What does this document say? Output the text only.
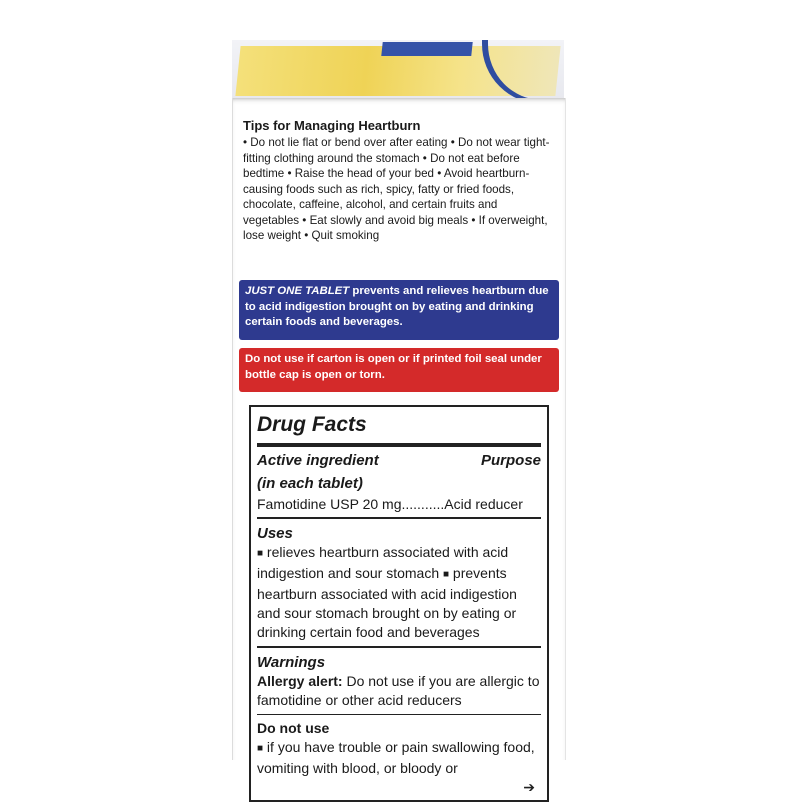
Tips for Managing Heartburn
• Do not lie flat or bend over after eating • Do not wear tight-fitting clothing around the stomach • Do not eat before bedtime • Raise the head of your bed • Avoid heartburn-causing foods such as rich, spicy, fatty or fried foods, chocolate, caffeine, alcohol, and certain fruits and vegetables • Eat slowly and avoid big meals • If overweight, lose weight • Quit smoking
JUST ONE TABLET prevents and relieves heartburn due to acid indigestion brought on by eating and drinking certain foods and beverages.
Do not use if carton is open or if printed foil seal under bottle cap is open or torn.
Drug Facts
Active ingredient	Purpose
(in each tablet)
Famotidine USP 20 mg...........Acid reducer
Uses
■ relieves heartburn associated with acid indigestion and sour stomach ■ prevents heartburn associated with acid indigestion and sour stomach brought on by eating or drinking certain food and beverages
Warnings
Allergy alert: Do not use if you are allergic to famotidine or other acid reducers
Do not use
■ if you have trouble or pain swallowing food, vomiting with blood, or bloody or
➔
